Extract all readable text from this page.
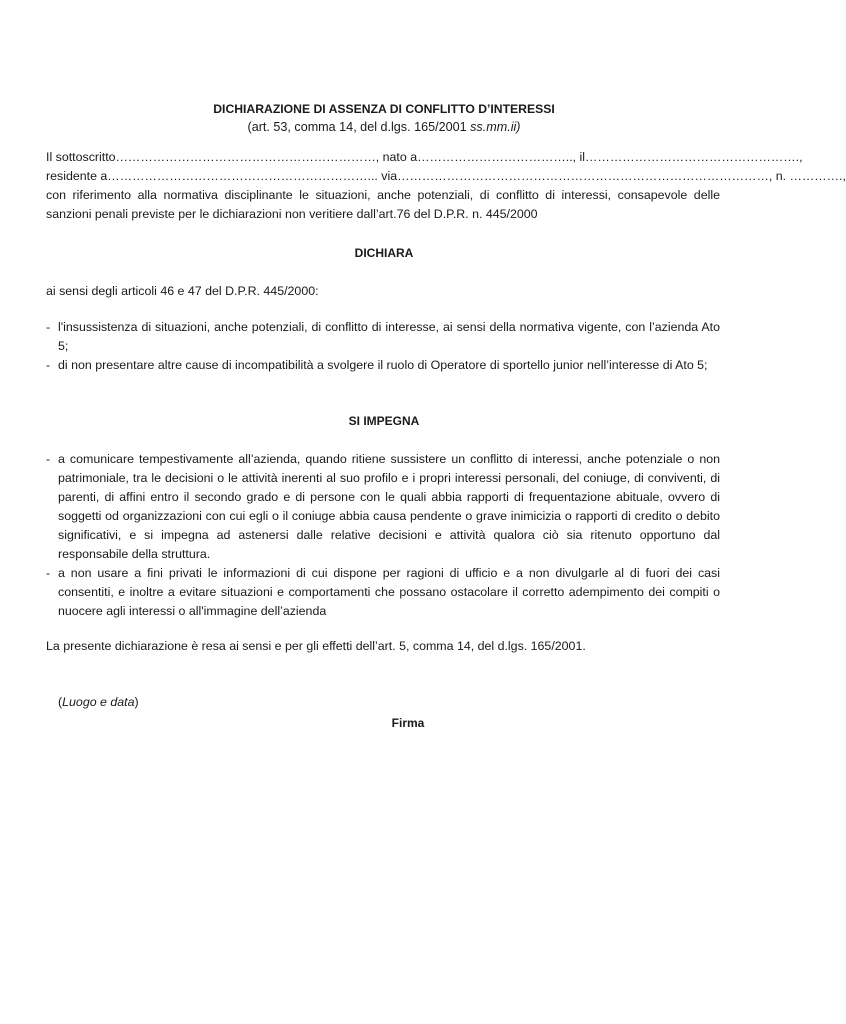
DICHIARAZIONE DI ASSENZA DI CONFLITTO D’INTERESSI
(art. 53, comma 14, del d.lgs. 165/2001 ss.mm.ii)
Il sottoscritto………………………………………………………, nato a……………………………….., il…………………………………………….,
residente a………………………………………………………... via………………………………………………………………………………, n. ………….,
con riferimento alla normativa disciplinante le situazioni, anche potenziali, di conflitto di interessi, consapevole delle
sanzioni penali previste per le dichiarazioni non veritiere dall’art.76 del D.P.R. n. 445/2000
DICHIARA
ai sensi degli articoli 46 e 47 del D.P.R. 445/2000:
- l'insussistenza di situazioni, anche potenziali, di conflitto di interesse, ai sensi della normativa vigente, con l’azienda Ato 5;
- di non presentare altre cause di incompatibilità a svolgere il ruolo di Operatore di sportello junior nell’interesse di Ato 5;
SI IMPEGNA
- a comunicare tempestivamente all’azienda, quando ritiene sussistere un conflitto di interessi, anche potenziale o non patrimoniale, tra le decisioni o le attività inerenti al suo profilo e i propri interessi personali, del coniuge, di conviventi, di parenti, di affini entro il secondo grado e di persone con le quali abbia rapporti di frequentazione abituale, ovvero di soggetti od organizzazioni con cui egli o il coniuge abbia causa pendente o grave inimicizia o rapporti di credito o debito significativi, e si impegna ad astenersi dalle relative decisioni e attività qualora ciò sia ritenuto opportuno dal responsabile della struttura.
- a non usare a fini privati le informazioni di cui dispone per ragioni di ufficio e a non divulgarle al di fuori dei casi consentiti, e inoltre a evitare situazioni e comportamenti che possano ostacolare il corretto adempimento dei compiti o nuocere agli interessi o all'immagine dell’azienda
La presente dichiarazione è resa ai sensi e per gli effetti dell’art. 5, comma 14, del d.lgs. 165/2001.
(Luogo e data)
Firma
